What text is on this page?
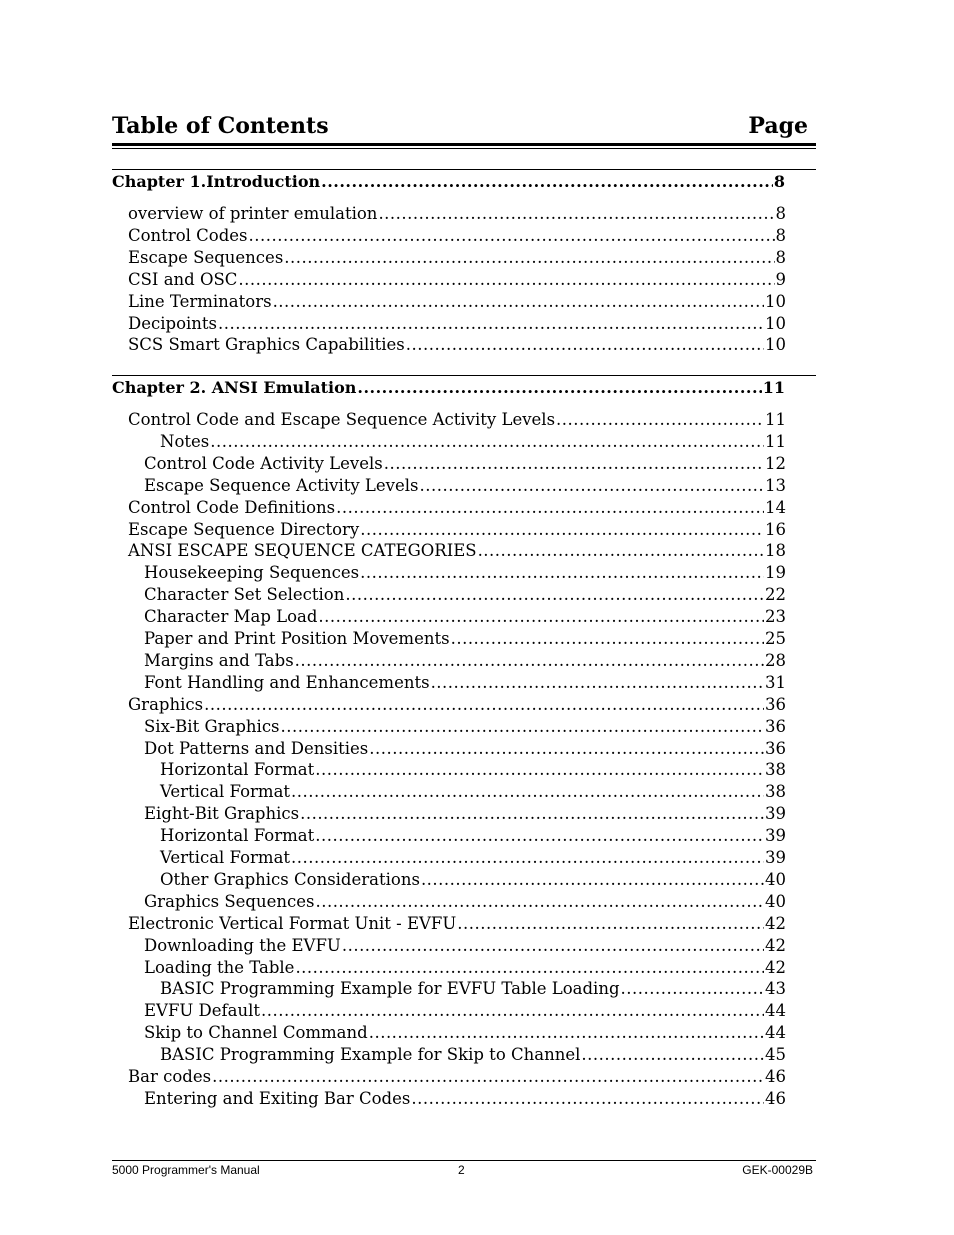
Table of Contents	Page
Chapter 1.Introduction .....	8
overview of printer emulation .....	8
Control Codes .....	8
Escape Sequences .....	8
CSI and OSC .....	9
Line Terminators .....	10
Decipoints .....	10
SCS Smart Graphics Capabilities .....	10
Chapter 2. ANSI Emulation .....	11
Control Code and Escape Sequence Activity Levels .....	11
Notes .....	11
Control Code Activity Levels .....	12
Escape Sequence Activity Levels .....	13
Control Code Definitions .....	14
Escape Sequence Directory .....	16
ANSI ESCAPE SEQUENCE CATEGORIES .....	18
Housekeeping Sequences .....	19
Character Set Selection .....	22
Character Map Load .....	23
Paper and Print Position Movements .....	25
Margins and Tabs .....	28
Font Handling and Enhancements .....	31
Graphics .....	36
Six-Bit Graphics .....	36
Dot Patterns and Densities .....	36
Horizontal Format .....	38
Vertical Format .....	38
Eight-Bit Graphics .....	39
Horizontal Format .....	39
Vertical Format .....	39
Other Graphics Considerations .....	40
Graphics Sequences .....	40
Electronic Vertical Format Unit - EVFU .....	42
Downloading the EVFU .....	42
Loading the Table .....	42
BASIC Programming Example for EVFU Table Loading .....	43
EVFU Default .....	44
Skip to Channel Command .....	44
BASIC Programming Example for Skip to Channel .....	45
Bar codes .....	46
Entering and Exiting Bar Codes .....	46
5000 Programmer's Manual	2	GEK-00029B
